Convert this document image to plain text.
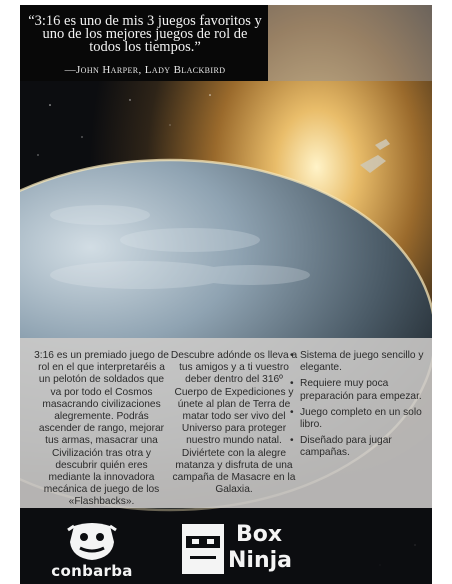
“3:16 es uno de mis 3 juegos favoritos y uno de los mejores juegos de rol de todos los tiempos.”
—John Harper, Lady Blackbird
3:16 es un premiado juego de rol en el que interpretaréis a un pelotón de soldados que va por todo el Cosmos masacrando civilizaciones alegremente. Podrás ascender de rango, mejorar tus armas, masacrar una Civilización tras otra y descubrir quién eres mediante la innovadora mecánica de juego de los «Flashbacks».
Descubre adónde os lleva a tus amigos y a ti vuestro deber dentro del 316º Cuerpo de Expediciones y únete al plan de Terra de matar todo ser vivo del Universo para proteger nuestro mundo natal. Diviértete con la alegre matanza y disfruta de una campaña de Masacre en la Galaxia.
• Sistema de juego sencillo y elegante.
• Requiere muy poca preparación para empezar.
• Juego completo en un solo libro.
• Diseñado para jugar campañas.
conbarba
Box
Ninja
